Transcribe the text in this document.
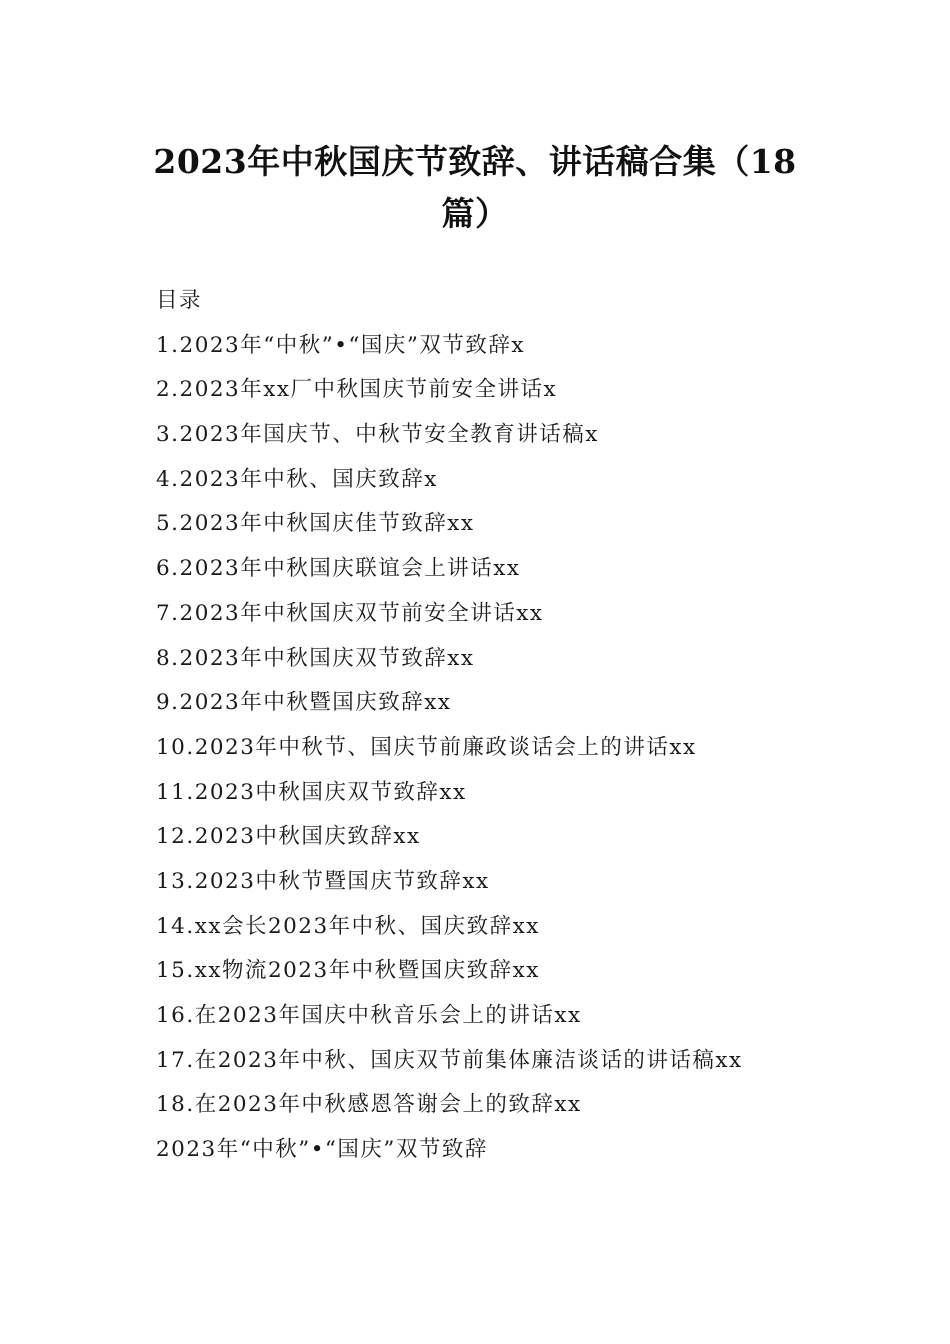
2023年中秋国庆节致辞、讲话稿合集（18
篇）
目录
1.2023年“中秋”•“国庆”双节致辞x
2.2023年xx厂中秋国庆节前安全讲话x
3.2023年国庆节、中秋节安全教育讲话稿x
4.2023年中秋、国庆致辞x
5.2023年中秋国庆佳节致辞xx
6.2023年中秋国庆联谊会上讲话xx
7.2023年中秋国庆双节前安全讲话xx
8.2023年中秋国庆双节致辞xx
9.2023年中秋暨国庆致辞xx
10.2023年中秋节、国庆节前廉政谈话会上的讲话xx
11.2023中秋国庆双节致辞xx
12.2023中秋国庆致辞xx
13.2023中秋节暨国庆节致辞xx
14.xx会长2023年中秋、国庆致辞xx
15.xx物流2023年中秋暨国庆致辞xx
16.在2023年国庆中秋音乐会上的讲话xx
17.在2023年中秋、国庆双节前集体廉洁谈话的讲话稿xx
18.在2023年中秋感恩答谢会上的致辞xx
2023年“中秋”•“国庆”双节致辞
